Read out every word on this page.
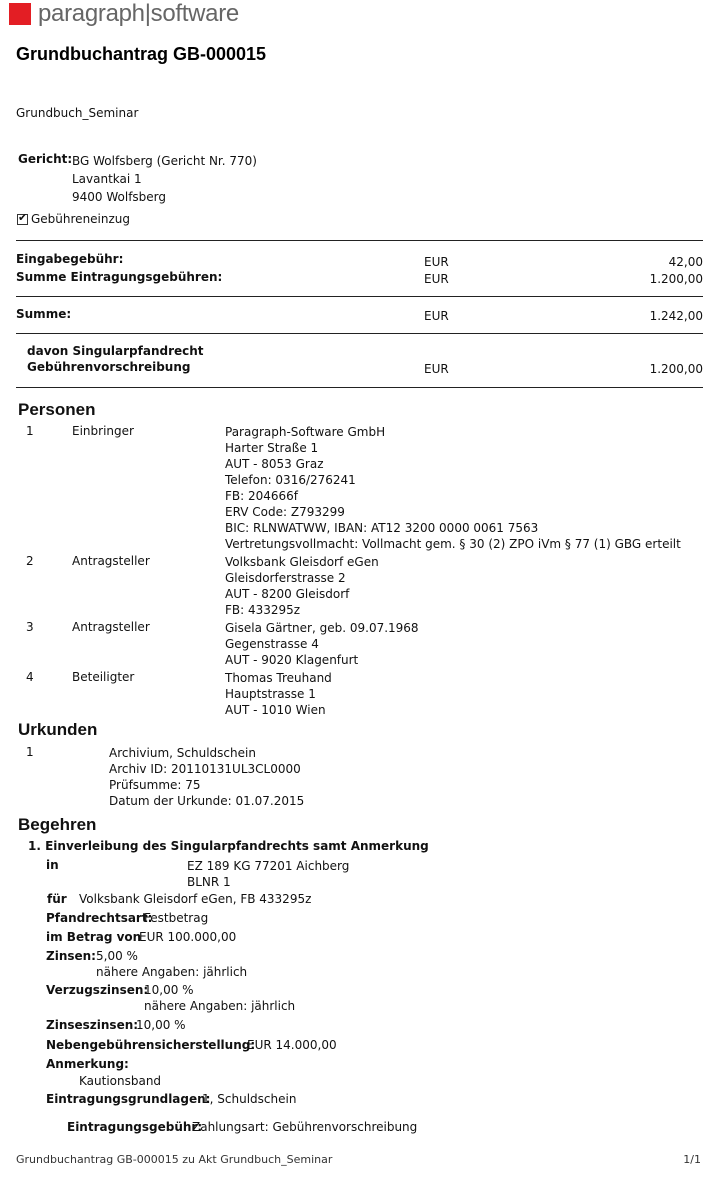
paragraph|software
Grundbuchantrag GB-000015
Grundbuch_Seminar
Gericht: BG Wolfsberg (Gericht Nr. 770)
Lavantkai 1
9400 Wolfsberg
✔ Gebühreneinzug
Eingabegebühr:	EUR	42,00
Summe Eintragungsgebühren:	EUR	1.200,00
Summe:	EUR	1.242,00
davon Singularpfandrecht
Gebührenvorschreibung	EUR	1.200,00
Personen
1	Einbringer	Paragraph-Software GmbH
Harter Straße 1
AUT - 8053 Graz
Telefon: 0316/276241
FB: 204666f
ERV Code: Z793299
BIC: RLNWATWW, IBAN: AT12 3200 0000 0061 7563
Vertretungsvollmacht: Vollmacht gem. § 30 (2) ZPO iVm § 77 (1) GBG erteilt
2	Antragsteller	Volksbank Gleisdorf eGen
Gleisdorferstrasse 2
AUT - 8200 Gleisdorf
FB: 433295z
3	Antragsteller	Gisela Gärtner, geb. 09.07.1968
Gegenstrasse 4
AUT - 9020 Klagenfurt
4	Beteiligter	Thomas Treuhand
Hauptstrasse 1
AUT - 1010 Wien
Urkunden
1	Archivium, Schuldschein
Archiv ID: 20110131UL3CL0000
Prüfsumme: 75
Datum der Urkunde: 01.07.2015
Begehren
1. Einverleibung des Singularpfandrechts samt Anmerkung
in	EZ 189 KG 77201 Aichberg
BLNR 1
für Volksbank Gleisdorf eGen, FB 433295z
Pfandrechtsart:
Festbetrag
im Betrag von
EUR 100.000,00
Zinsen: 5,00 %
nähere Angaben: jährlich
Verzugszinsen:
10,00 %
nähere Angaben: jährlich
Zinseszinsen:
10,00 %
Nebengebührensicherstellung:
EUR 14.000,00
Anmerkung:
Kautionsband
Eintragungsgrundlagen:
1, Schuldschein
Eintragungsgebühr:
Zahlungsart: Gebührenvorschreibung
Grundbuchantrag GB-000015 zu Akt Grundbuch_Seminar	1/1
